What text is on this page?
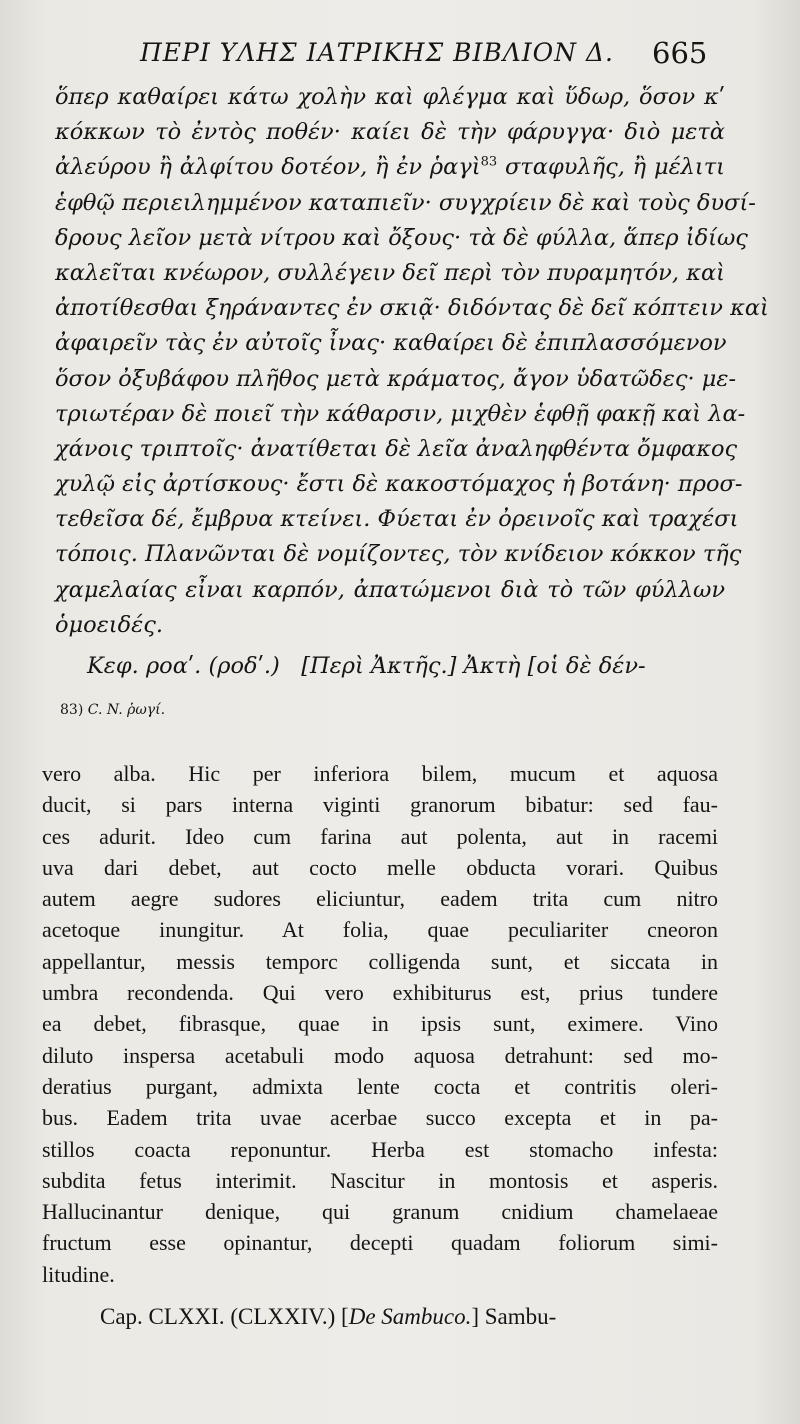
ΠΕΡΙ ΥΛΗΣ ΙΑΤΡΙΚΗΣ ΒΙΒΛΙΟΝ Δ. 665
ὅπερ καθαίρει κάτω χολὴν καὶ φλέγμα καὶ ὕδωρ, ὅσον κʹ
κόκκων τὸ ἐντὸς ποθέν· καίει δὲ τὴν φάρυγγα· διὸ μετὰ
ἀλεύρου ἢ ἀλφίτου δοτέον, ἢ ἐν ῥαγὶ$^{83}$ σταφυλῆς, ἢ μέλιτι
ἑφθῷ περιειλημμένον καταπιεῖν· συγχρίειν δὲ καὶ τοὺς δυσί-
δρους λεῖον μετὰ νίτρου καὶ ὄξους· τὰ δὲ φύλλα, ἅπερ ἰδίως
καλεῖται κνέωρον, συλλέγειν δεῖ περὶ τὸν πυραμητόν, καὶ
ἀποτίθεσθαι ξηράναντες ἐν σκιᾷ· διδόντας δὲ δεῖ κόπτειν καὶ
ἀφαιρεῖν τὰς ἐν αὐτοῖς ἶνας· καθαίρει δὲ ἐπιπλασσόμενον
ὅσον ὀξυβάφου πλῆθος μετὰ κράματος, ἄγον ὑδατῶδες· με-
τριωτέραν δὲ ποιεῖ τὴν κάθαρσιν, μιχθὲν ἑφθῇ φακῇ καὶ λα-
χάνοις τριπτοῖς· ἀνατίθεται δὲ λεῖα ἀναληφθέντα ὄμφακος
χυλῷ εἰς ἀρτίσκους· ἔστι δὲ κακοστόμαχος ἡ βοτάνη· προσ-
τεθεῖσα δέ, ἔμβρυα κτείνει. Φύεται ἐν ὀρεινοῖς καὶ τραχέσι
τόποις. Πλανῶνται δὲ νομίζοντες, τὸν κνίδειον κόκκον τῆς
χαμελαίας εἶναι καρπόν, ἀπατώμενοι διὰ τὸ τῶν φύλλων
ὁμοειδές.
Κεφ. ροαʹ. (ροδʹ.) [Περὶ Ἀκτῆς.] Ἀκτὴ [οἱ δὲ δέν-
83) C. N. ῥωγί.
vero alba. Hic per inferiora bilem, mucum et aquosa
ducit, si pars interna viginti granorum bibatur: sed fau-
ces adurit. Ideo cum farina aut polenta, aut in racemi
uva dari debet, aut cocto melle obducta vorari. Quibus
autem aegre sudores eliciuntur, eadem trita cum nitro
acetoque inungitur. At folia, quae peculiariter cneoron
appellantur, messis temporc colligenda sunt, et siccata in
umbra recondenda. Qui vero exhibiturus est, prius tundere
ea debet, fibrasque, quae in ipsis sunt, eximere. Vino
diluto inspersa acetabuli modo aquosa detrahunt: sed mo-
deratius purgant, admixta lente cocta et contritis oleri-
bus. Eadem trita uvae acerbae succo excepta et in pa-
stillos coacta reponuntur. Herba est stomacho infesta:
subdita fetus interimit. Nascitur in montosis et asperis.
Hallucinantur denique, qui granum cnidium chamelaeae
fructum esse opinantur, decepti quadam foliorum simi-
litudine.
Cap. CLXXI. (CLXXIV.) [De Sambuco.] Sambu-
